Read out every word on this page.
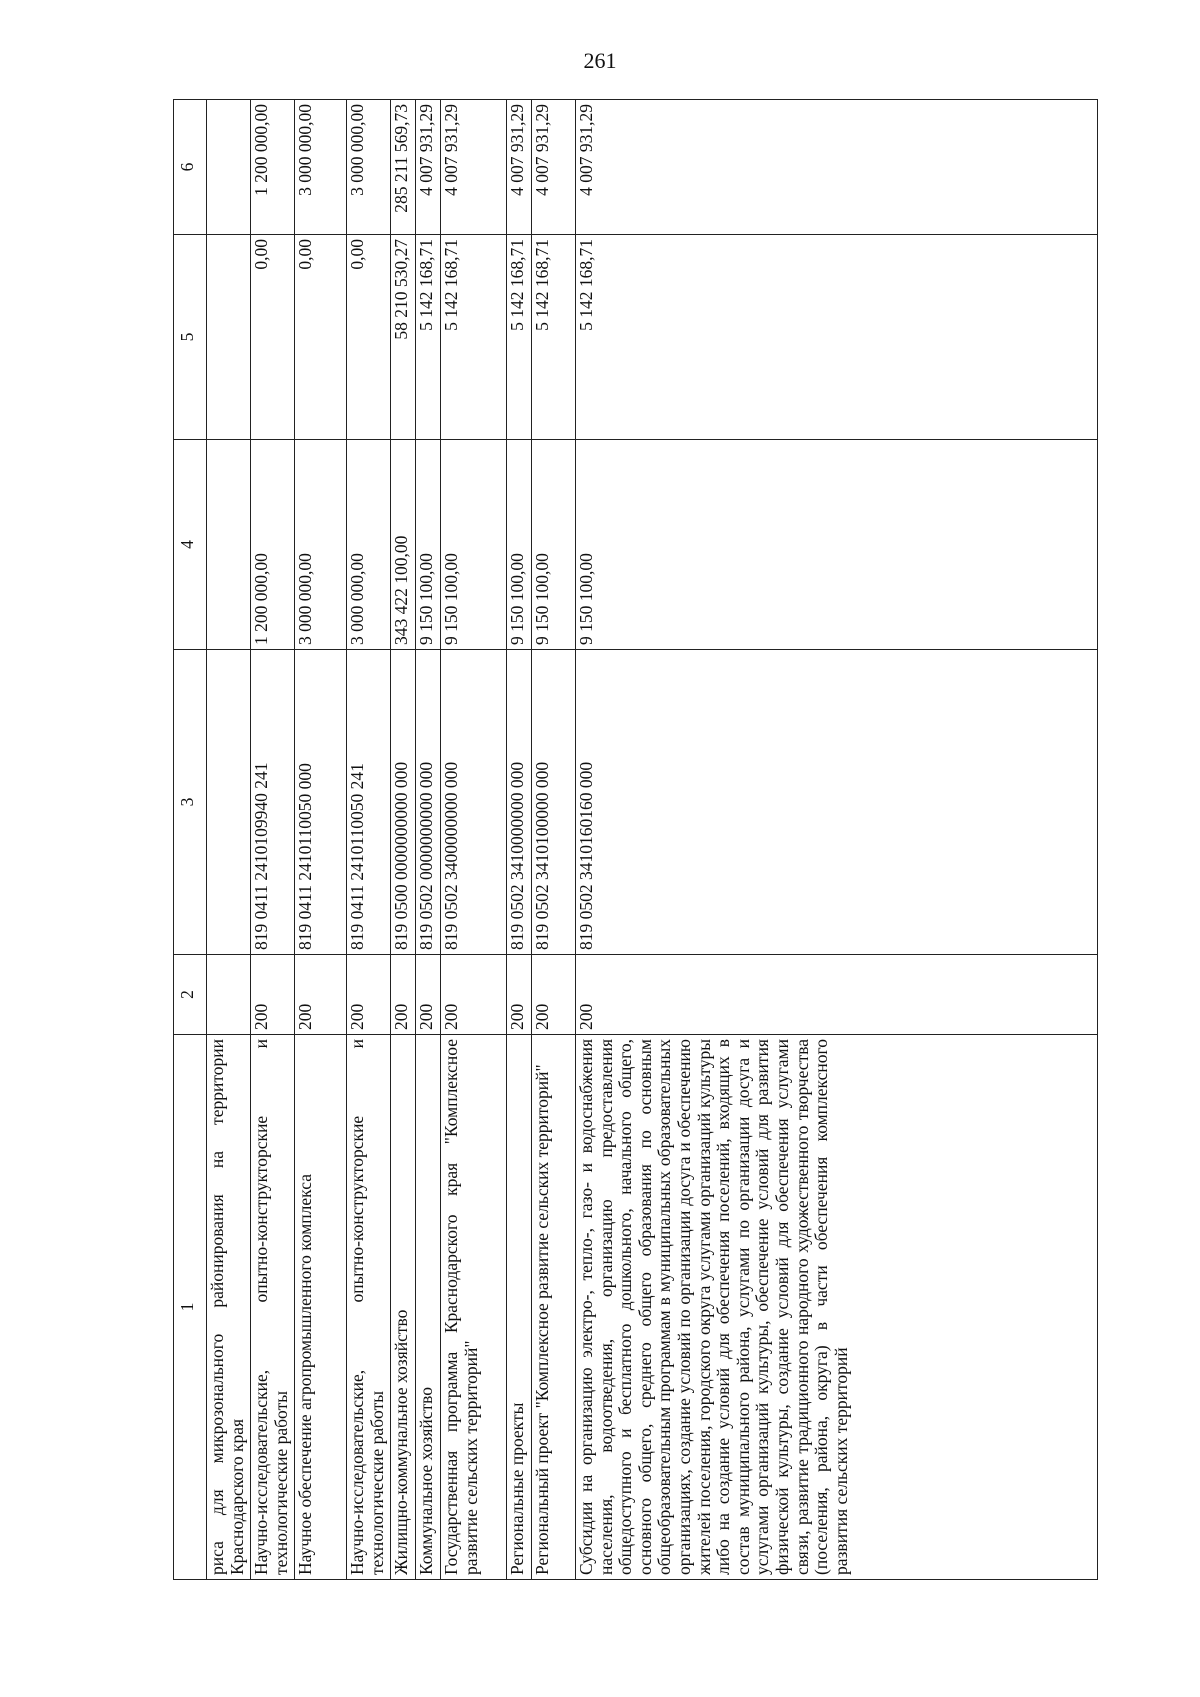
261
1	2	3	4	5	6
риса для микрозонального районирования на территории Краснодарского края					
Научно-исследовательские, опытно-конструкторские и технологические работы	200	819 0411 2410109940 241	1 200 000,00	0,00	1 200 000,00
Научное обеспечение агропромышленного комплекса	200	819 0411 2410110050 000	3 000 000,00	0,00	3 000 000,00
Научно-исследовательские, опытно-конструкторские и технологические работы	200	819 0411 2410110050 241	3 000 000,00	0,00	3 000 000,00
Жилищно-коммунальное хозяйство	200	819 0500 0000000000 000	343 422 100,00	58 210 530,27	285 211 569,73
Коммунальное хозяйство	200	819 0502 0000000000 000	9 150 100,00	5 142 168,71	4 007 931,29
Государственная программа Краснодарского края "Комплексное развитие сельских территорий"	200	819 0502 3400000000 000	9 150 100,00	5 142 168,71	4 007 931,29
Региональные проекты	200	819 0502 3410000000 000	9 150 100,00	5 142 168,71	4 007 931,29
Региональный проект "Комплексное развитие сельских территорий"	200	819 0502 3410100000 000	9 150 100,00	5 142 168,71	4 007 931,29
Субсидии на организацию электро-, тепло-, газо- и водоснабжения населения, водоотведения, организацию предоставления общедоступного и бесплатного дошкольного, начального общего, основного общего, среднего общего образования по основным общеобразовательным программам в муниципальных образовательных организациях, создание условий по организации досуга и обеспечению жителей поселения, городского округа услугами организаций культуры либо на создание условий для обеспечения поселений, входящих в состав муниципального района, услугами по организации досуга и услугами организаций культуры, обеспечение условий для развития физической культуры, создание условий для обеспечения услугами связи, развитие традиционного народного художественного творчества (поселения, района, округа) в части обеспечения комплексного развития сельских территорий	200	819 0502 3410160160 000	9 150 100,00	5 142 168,71	4 007 931,29
